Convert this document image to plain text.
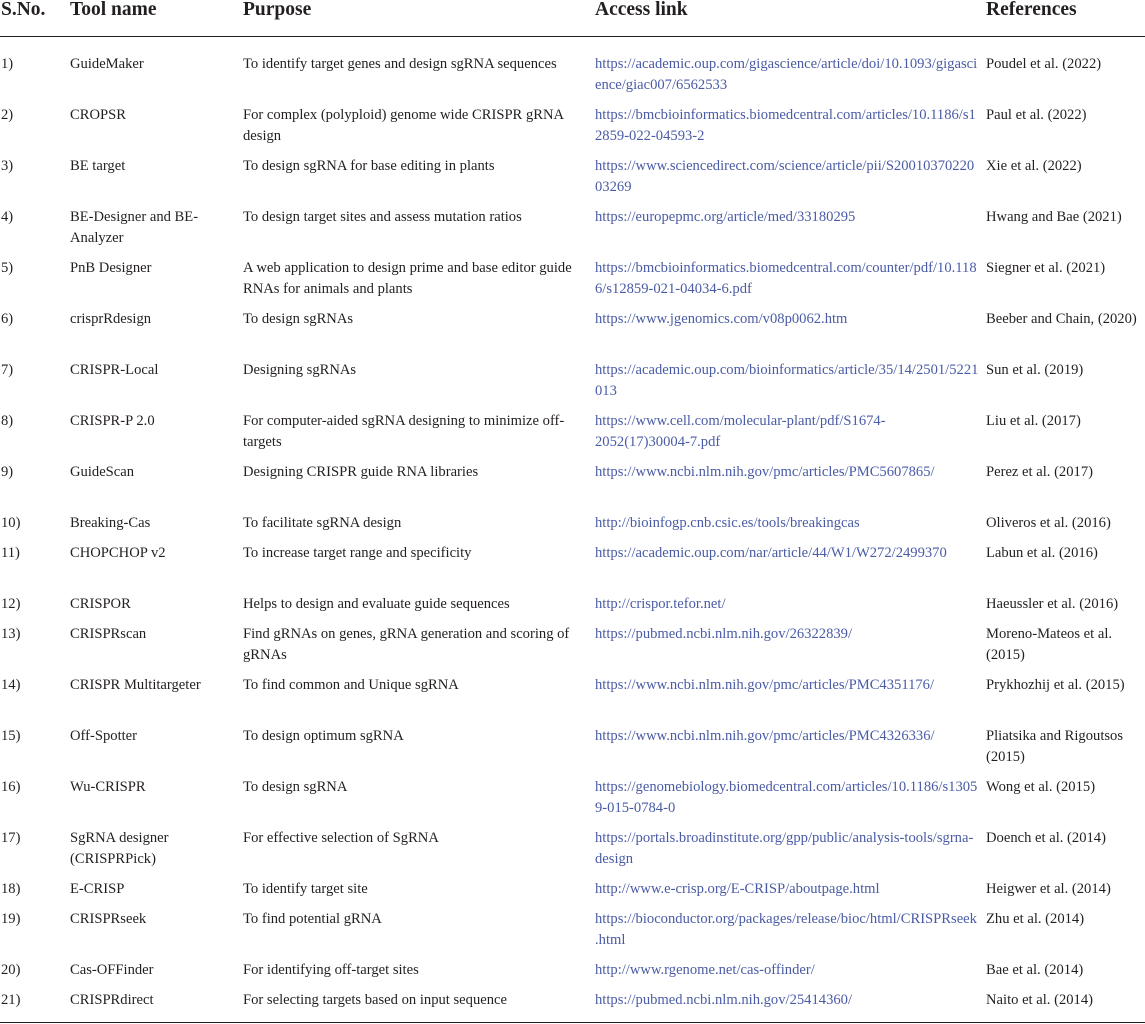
S.No.	Tool name	Purpose	Access link	References

1)	GuideMaker	To identify target genes and design sgRNA sequences	https://academic.oup.com/gigascience/article/doi/10.1093/gigascience/giac007/6562533	Poudel et al. (2022)
2)	CROPSR	For complex (polyploid) genome wide CRISPR gRNA design	https://bmcbioinformatics.biomedcentral.com/articles/10.1186/s12859-022-04593-2	Paul et al. (2022)
3)	BE target	To design sgRNA for base editing in plants	https://www.sciencedirect.com/science/article/pii/S2001037022003269	Xie et al. (2022)
4)	BE-Designer and BE-Analyzer	To design target sites and assess mutation ratios	https://europepmc.org/article/med/33180295	Hwang and Bae (2021)
5)	PnB Designer	A web application to design prime and base editor guide RNAs for animals and plants	https://bmcbioinformatics.biomedcentral.com/counter/pdf/10.1186/s12859-021-04034-6.pdf	Siegner et al. (2021)
6)	crisprRdesign	To design sgRNAs	https://www.jgenomics.com/v08p0062.htm	Beeber and Chain, (2020)
7)	CRISPR-Local	Designing sgRNAs	https://academic.oup.com/bioinformatics/article/35/14/2501/5221013	Sun et al. (2019)
8)	CRISPR-P 2.0	For computer-aided sgRNA designing to minimize off-targets	https://www.cell.com/molecular-plant/pdf/S1674-2052(17)30004-7.pdf	Liu et al. (2017)
9)	GuideScan	Designing CRISPR guide RNA libraries	https://www.ncbi.nlm.nih.gov/pmc/articles/PMC5607865/	Perez et al. (2017)
10)	Breaking-Cas	To facilitate sgRNA design	http://bioinfogp.cnb.csic.es/tools/breakingcas	Oliveros et al. (2016)
11)	CHOPCHOP v2	To increase target range and specificity	https://academic.oup.com/nar/article/44/W1/W272/2499370	Labun et al. (2016)
12)	CRISPOR	Helps to design and evaluate guide sequences	http://crispor.tefor.net/	Haeussler et al. (2016)
13)	CRISPRscan	Find gRNAs on genes, gRNA generation and scoring of gRNAs	https://pubmed.ncbi.nlm.nih.gov/26322839/	Moreno-Mateos et al. (2015)
14)	CRISPR Multitargeter	To find common and Unique sgRNA	https://www.ncbi.nlm.nih.gov/pmc/articles/PMC4351176/	Prykhozhij et al. (2015)
15)	Off-Spotter	To design optimum sgRNA	https://www.ncbi.nlm.nih.gov/pmc/articles/PMC4326336/	Pliatsika and Rigoutsos (2015)
16)	Wu-CRISPR	To design sgRNA	https://genomebiology.biomedcentral.com/articles/10.1186/s13059-015-0784-0	Wong et al. (2015)
17)	SgRNA designer (CRISPRPick)	For effective selection of SgRNA	https://portals.broadinstitute.org/gpp/public/analysis-tools/sgrna-design	Doench et al. (2014)
18)	E-CRISP	To identify target site	http://www.e-crisp.org/E-CRISP/aboutpage.html	Heigwer et al. (2014)
19)	CRISPRseek	To find potential gRNA	https://bioconductor.org/packages/release/bioc/html/CRISPRseek.html	Zhu et al. (2014)
20)	Cas-OFFinder	For identifying off-target sites	http://www.rgenome.net/cas-offinder/	Bae et al. (2014)
21)	CRISPRdirect	For selecting targets based on input sequence	https://pubmed.ncbi.nlm.nih.gov/25414360/	Naito et al. (2014)
